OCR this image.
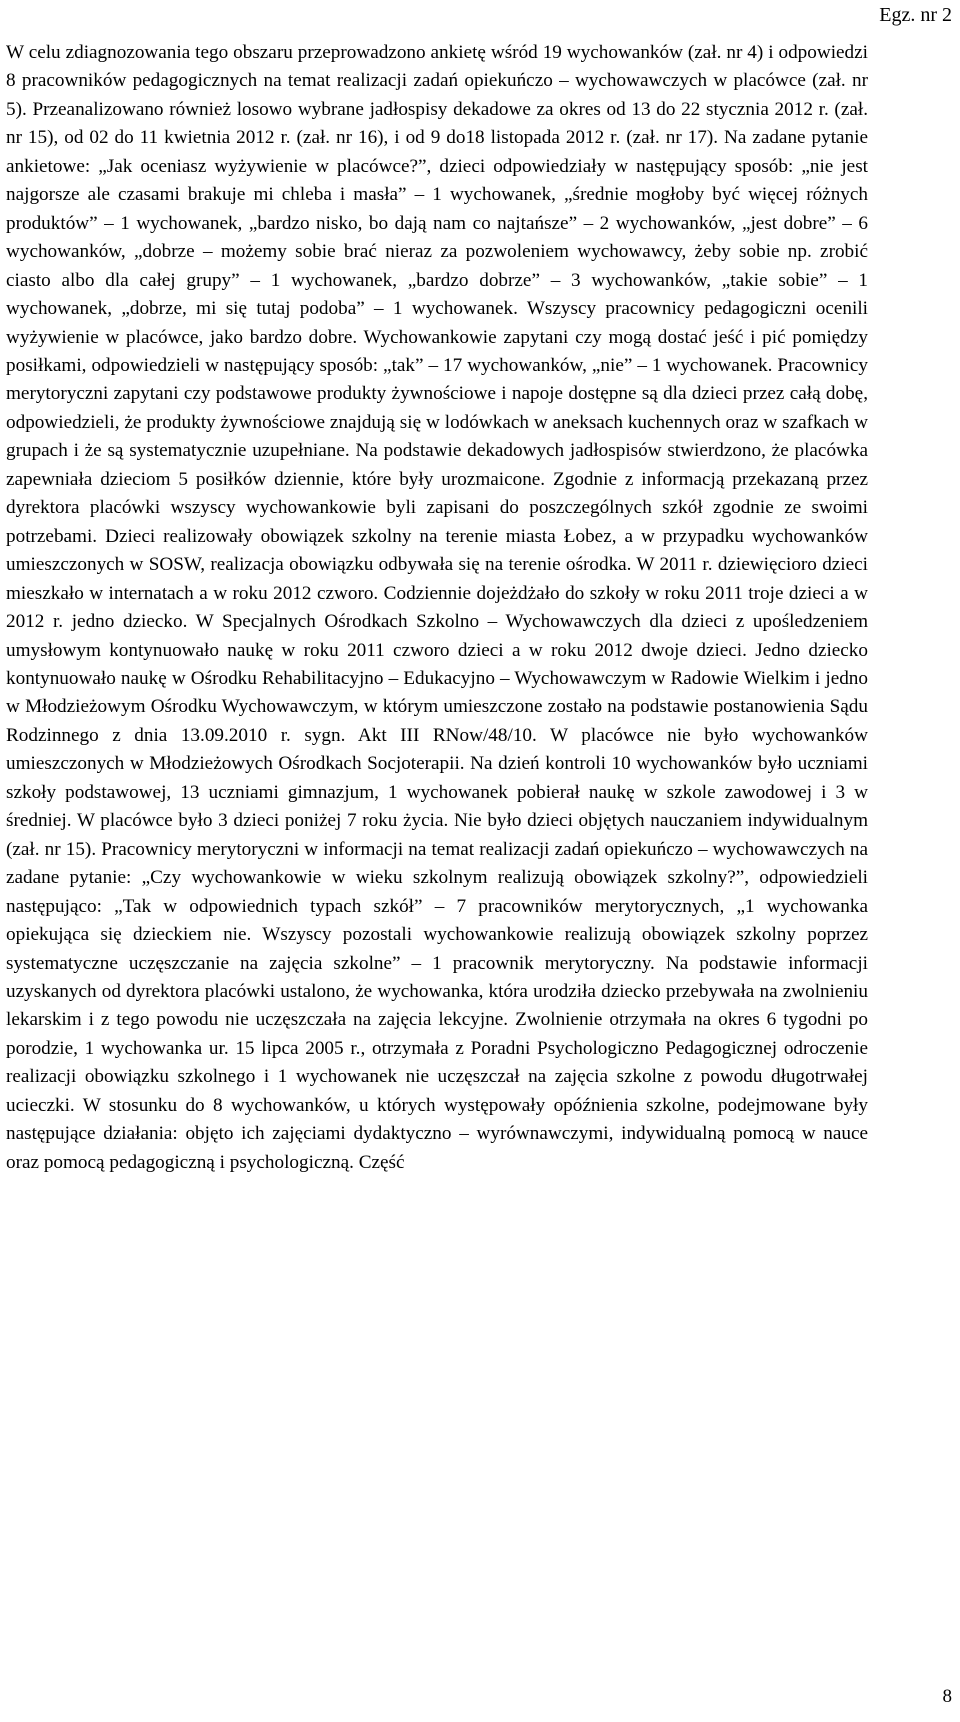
Egz. nr 2

W celu zdiagnozowania tego obszaru przeprowadzono ankietę wśród 19 wychowanków (zał. nr 4) i odpowiedzi 8 pracowników pedagogicznych na temat realizacji zadań opiekuńczo – wychowawczych w placówce (zał. nr 5). Przeanalizowano również losowo wybrane jadłospisy dekadowe za okres od 13 do 22 stycznia 2012 r. (zał. nr 15), od 02 do 11 kwietnia 2012 r. (zał. nr 16), i od 9 do18 listopada 2012 r. (zał. nr 17). Na zadane pytanie ankietowe: „Jak oceniasz wyżywienie w placówce?”, dzieci odpowiedziały w następujący sposób: „nie jest najgorsze ale czasami brakuje mi chleba i masła” – 1 wychowanek, „średnie mogłoby być więcej różnych produktów” – 1 wychowanek, „bardzo nisko, bo dają nam co najtańsze” – 2 wychowanków, „jest dobre” – 6 wychowanków, „dobrze – możemy sobie brać nieraz za pozwoleniem wychowawcy, żeby sobie np. zrobić ciasto albo dla całej grupy” – 1 wychowanek, „bardzo dobrze” – 3 wychowanków, „takie sobie” – 1 wychowanek, „dobrze, mi się tutaj podoba” – 1 wychowanek. Wszyscy pracownicy pedagogiczni ocenili wyżywienie w placówce, jako bardzo dobre. Wychowankowie zapytani czy mogą dostać jeść i pić pomiędzy posiłkami, odpowiedzieli w następujący sposób: „tak” – 17 wychowanków, „nie” – 1 wychowanek. Pracownicy merytoryczni zapytani czy podstawowe produkty żywnościowe i napoje dostępne są dla dzieci przez całą dobę, odpowiedzieli, że produkty żywnościowe znajdują się w lodówkach w aneksach kuchennych oraz w szafkach w grupach i że są systematycznie uzupełniane. Na podstawie dekadowych jadłospisów stwierdzono, że placówka zapewniała dzieciom 5 posiłków dziennie, które były urozmaicone. Zgodnie z informacją przekazaną przez dyrektora placówki wszyscy wychowankowie byli zapisani do poszczególnych szkół zgodnie ze swoimi potrzebami. Dzieci realizowały obowiązek szkolny na terenie miasta Łobez, a w przypadku wychowanków umieszczonych w SOSW, realizacja obowiązku odbywała się na terenie ośrodka. W 2011 r. dziewięcioro dzieci mieszkało w internatach a w roku 2012 czworo. Codziennie dojeżdżało do szkoły w roku 2011 troje dzieci a w 2012 r. jedno dziecko. W Specjalnych Ośrodkach Szkolno – Wychowawczych dla dzieci z upośledzeniem umysłowym kontynuowało naukę w roku 2011 czworo dzieci a w roku 2012 dwoje dzieci. Jedno dziecko kontynuowało naukę w Ośrodku Rehabilitacyjno – Edukacyjno – Wychowawczym w Radowie Wielkim i jedno w Młodzieżowym Ośrodku Wychowawczym, w którym umieszczone zostało na podstawie postanowienia Sądu Rodzinnego z dnia 13.09.2010 r. sygn. Akt III RNow/48/10. W placówce nie było wychowanków umieszczonych w Młodzieżowych Ośrodkach Socjoterapii. Na dzień kontroli 10 wychowanków było uczniami szkoły podstawowej, 13 uczniami gimnazjum, 1 wychowanek pobierał naukę w szkole zawodowej i 3 w średniej. W placówce było 3 dzieci poniżej 7 roku życia. Nie było dzieci objętych nauczaniem indywidualnym (zał. nr 15). Pracownicy merytoryczni w informacji na temat realizacji zadań opiekuńczo – wychowawczych na zadane pytanie: „Czy wychowankowie w wieku szkolnym realizują obowiązek szkolny?”, odpowiedzieli następująco: „Tak w odpowiednich typach szkół” – 7 pracowników merytorycznych, „1 wychowanka opiekująca się dzieckiem nie. Wszyscy pozostali wychowankowie realizują obowiązek szkolny poprzez systematyczne uczęszczanie na zajęcia szkolne” – 1 pracownik merytoryczny. Na podstawie informacji uzyskanych od dyrektora placówki ustalono, że wychowanka, która urodziła dziecko przebywała na zwolnieniu lekarskim i z tego powodu nie uczęszczała na zajęcia lekcyjne. Zwolnienie otrzymała na okres 6 tygodni po porodzie, 1 wychowanka ur. 15 lipca 2005 r., otrzymała z Poradni Psychologiczno Pedagogicznej odroczenie realizacji obowiązku szkolnego i 1 wychowanek nie uczęszczał na zajęcia szkolne z powodu długotrwałej ucieczki. W stosunku do 8 wychowanków, u których występowały opóźnienia szkolne, podejmowane były następujące działania: objęto ich zajęciami dydaktyczno – wyrównawczymi, indywidualną pomocą w nauce oraz pomocą pedagogiczną i psychologiczną. Część

8
